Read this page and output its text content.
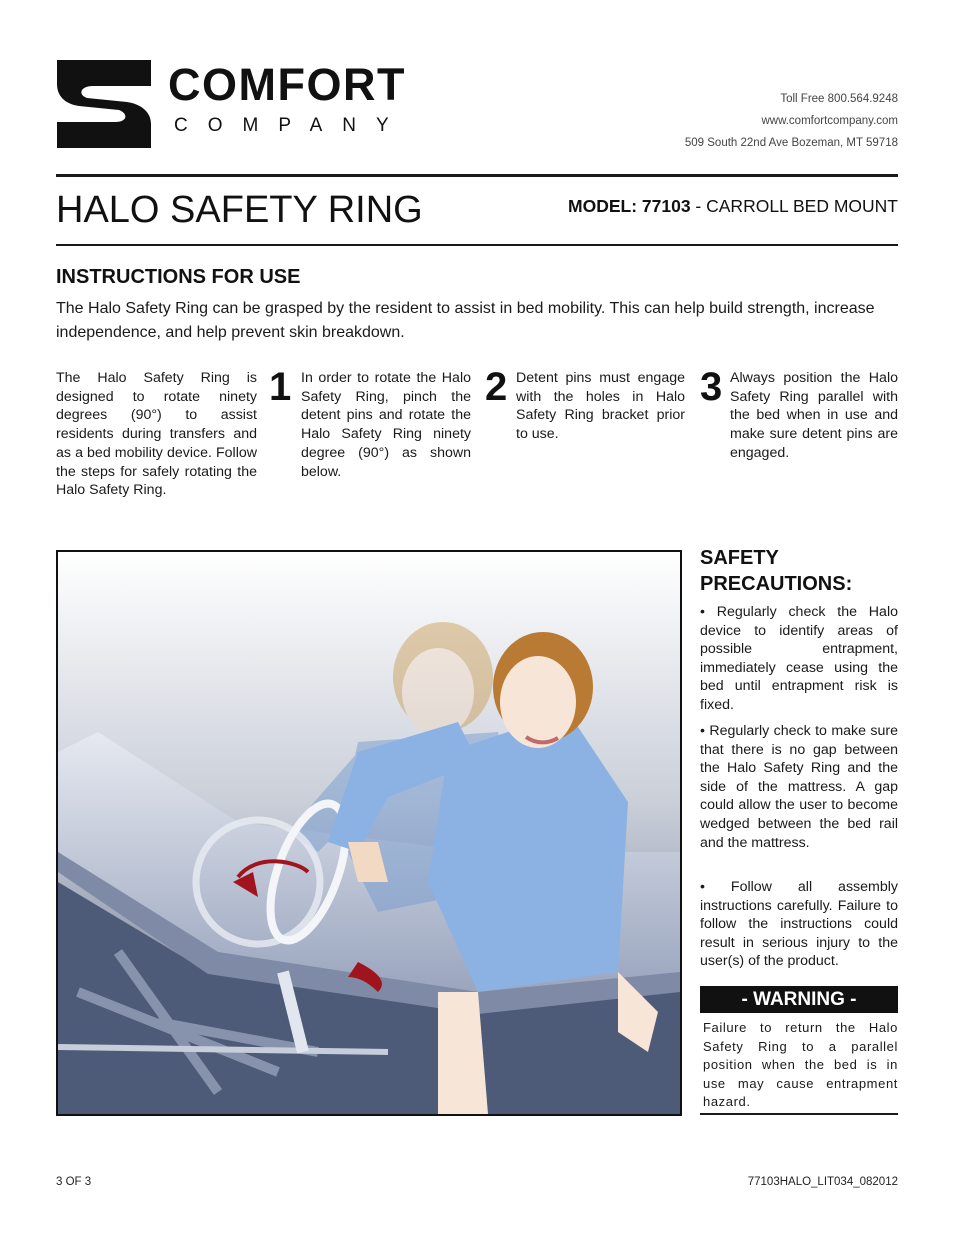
COMFORT
COMPANY
Toll Free 800.564.9248
www.comfortcompany.com
509 South 22nd Ave Bozeman, MT 59718
HALO SAFETY RING	MODEL: 77103 - CARROLL BED MOUNT
INSTRUCTIONS FOR USE
The Halo Safety Ring can be grasped by the resident to assist in bed mobility. This can help build strength, increase independence, and help prevent skin breakdown.
The Halo Safety Ring is designed to rotate ninety degrees (90°) to assist residents during transfers and as a bed mobility device. Follow the steps for safely rotating the Halo Safety Ring.
1 In order to rotate the Halo Safety Ring, pinch the detent pins and rotate the Halo Safety Ring ninety degree (90°) as shown below.
2 Detent pins must engage with the holes in Halo Safety Ring bracket prior to use.
3 Always position the Halo Safety Ring parallel with the bed when in use and make sure detent pins are engaged.
SAFETY PRECAUTIONS:
• Regularly check the Halo device to identify areas of possible entrapment, immediately cease using the bed until entrapment risk is fixed.
• Regularly check to make sure that there is no gap between the Halo Safety Ring and the side of the mattress. A gap could allow the user to become wedged between the bed rail and the mattress.
• Follow all assembly instructions carefully. Failure to follow the instructions could result in serious injury to the user(s) of the product.
- WARNING -
Failure to return the Halo Safety Ring to a parallel position when the bed is in use may cause entrapment hazard.
3 OF 3	77103HALO_LIT034_082012
